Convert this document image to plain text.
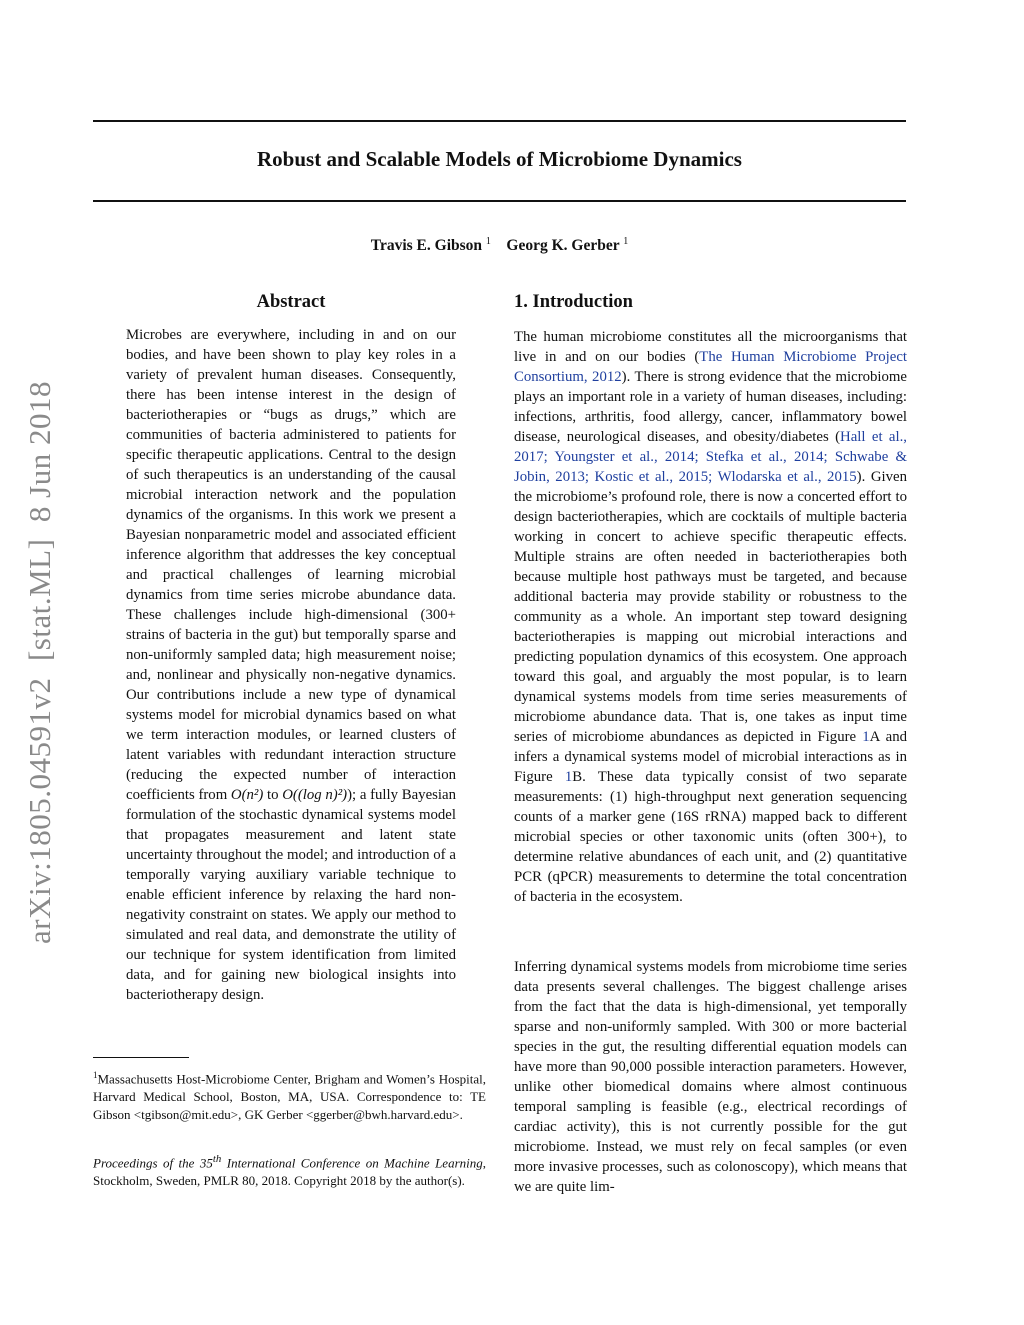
arXiv:1805.04591v2  [stat.ML]  8 Jun 2018
Robust and Scalable Models of Microbiome Dynamics
Travis E. Gibson $^1$ Georg K. Gerber $^1$
Abstract
Microbes are everywhere, including in and on our bodies, and have been shown to play key roles in a variety of prevalent human diseases. Consequently, there has been intense interest in the design of bacteriotherapies or “bugs as drugs,” which are communities of bacteria administered to patients for specific therapeutic applications. Central to the design of such therapeutics is an understanding of the causal microbial interaction network and the population dynamics of the organisms. In this work we present a Bayesian nonparametric model and associated efficient inference algorithm that addresses the key conceptual and practical challenges of learning microbial dynamics from time series microbe abundance data. These challenges include high-dimensional (300+ strains of bacteria in the gut) but temporally sparse and non-uniformly sampled data; high measurement noise; and, nonlinear and physically non-negative dynamics. Our contributions include a new type of dynamical systems model for microbial dynamics based on what we term interaction modules, or learned clusters of latent variables with redundant interaction structure (reducing the expected number of interaction coefficients from O(n²) to O((log n)²)); a fully Bayesian formulation of the stochastic dynamical systems model that propagates measurement and latent state uncertainty throughout the model; and introduction of a temporally varying auxiliary variable technique to enable efficient inference by relaxing the hard non-negativity constraint on states. We apply our method to simulated and real data, and demonstrate the utility of our technique for system identification from limited data, and for gaining new biological insights into bacteriotherapy design.
$^1$Massachusetts Host-Microbiome Center, Brigham and Women’s Hospital, Harvard Medical School, Boston, MA, USA. Correspondence to: TE Gibson <tgibson@mit.edu>, GK Gerber <ggerber@bwh.harvard.edu>.
Proceedings of the 35th International Conference on Machine Learning, Stockholm, Sweden, PMLR 80, 2018. Copyright 2018 by the author(s).
1. Introduction
The human microbiome constitutes all the microorganisms that live in and on our bodies (The Human Microbiome Project Consortium, 2012). There is strong evidence that the microbiome plays an important role in a variety of human diseases, including: infections, arthritis, food allergy, cancer, inflammatory bowel disease, neurological diseases, and obesity/diabetes (Hall et al., 2017; Youngster et al., 2014; Stefka et al., 2014; Schwabe & Jobin, 2013; Kostic et al., 2015; Wlodarska et al., 2015). Given the microbiome’s profound role, there is now a concerted effort to design bacteriotherapies, which are cocktails of multiple bacteria working in concert to achieve specific therapeutic effects. Multiple strains are often needed in bacteriotherapies both because multiple host pathways must be targeted, and because additional bacteria may provide stability or robustness to the community as a whole. An important step toward designing bacteriotherapies is mapping out microbial interactions and predicting population dynamics of this ecosystem. One approach toward this goal, and arguably the most popular, is to learn dynamical systems models from time series measurements of microbiome abundance data. That is, one takes as input time series of microbiome abundances as depicted in Figure 1A and infers a dynamical systems model of microbial interactions as in Figure 1B. These data typically consist of two separate measurements: (1) high-throughput next generation sequencing counts of a marker gene (16S rRNA) mapped back to different microbial species or other taxonomic units (often 300+), to determine relative abundances of each unit, and (2) quantitative PCR (qPCR) measurements to determine the total concentration of bacteria in the ecosystem.
Inferring dynamical systems models from microbiome time series data presents several challenges. The biggest challenge arises from the fact that the data is high-dimensional, yet temporally sparse and non-uniformly sampled. With 300 or more bacterial species in the gut, the resulting differential equation models can have more than 90,000 possible interaction parameters. However, unlike other biomedical domains where almost continuous temporal sampling is feasible (e.g., electrical recordings of cardiac activity), this is not currently possible for the gut microbiome. Instead, we must rely on fecal samples (or even more invasive processes, such as colonoscopy), which means that we are quite lim-
